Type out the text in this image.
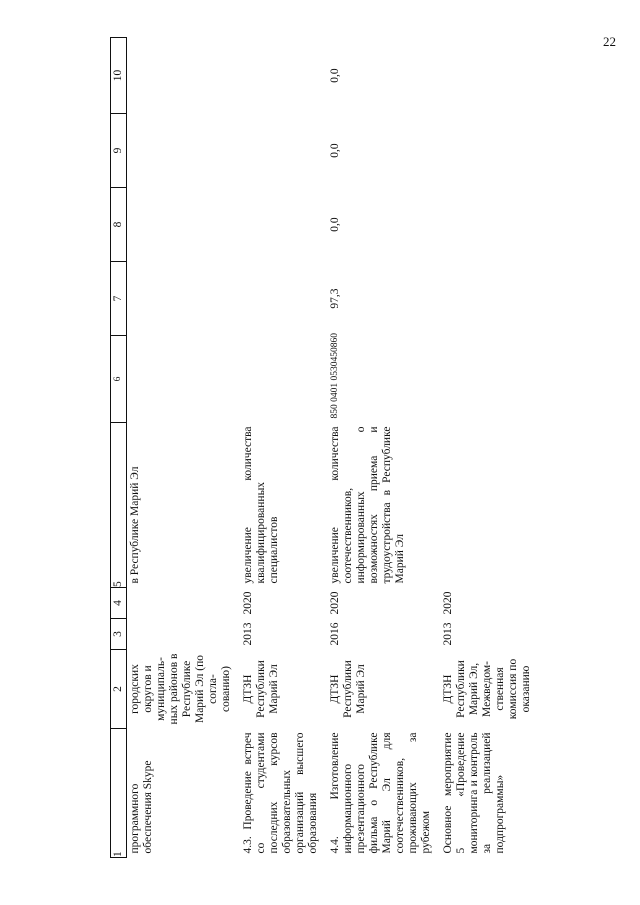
22
1	2	3	4	5	6	7	8	9	10
программного обеспечения Skype	городских округов и муниципаль-ных районов в Республике Марий Эл (по согла-сованию)			в Республике Марий Эл					
4.3. Проведение встреч со студентами последних курсов образовательных организаций высшего образования	ДТЗН Республики Марий Эл	2013	2020	увеличение количества квалифицированных специалистов					
4.4. Изготовление информационного презентационного фильма о Республике Марий Эл для соотечественников, проживающих за рубежом	ДТЗН Республики Марий Эл	2016	2020	увеличение количества соотечественников, информированных о возможностях приема и трудоустройства в Республике Марий Эл	850 0401 0530450860	97,3	0,0	0,0	0,0
Основное мероприятие 5 «Проведение мониторинга и контроль за реализацией подпрограммы»	ДТЗН Республики Марий Эл, Межведом-ственная комиссия по оказанию	2013	2020						
